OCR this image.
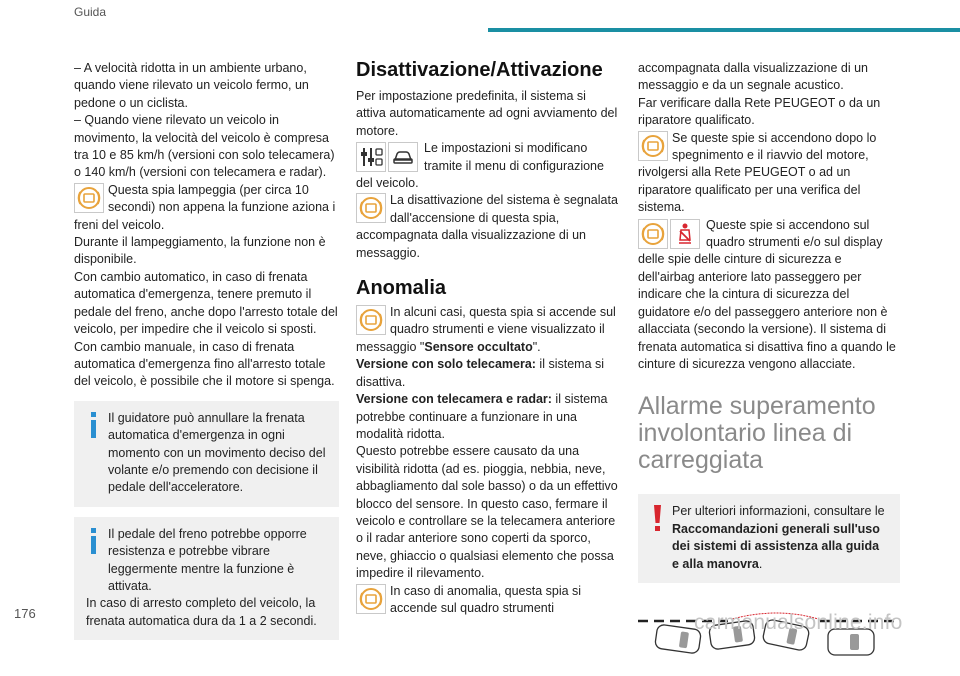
Guida

– A velocità ridotta in un ambiente urbano, quando viene rilevato un veicolo fermo, un pedone o un ciclista.

– Quando viene rilevato un veicolo in movimento, la velocità del veicolo è compresa tra 10 e 85 km/h (versioni con solo telecamera) o 140 km/h (versioni con telecamera e radar).

Questa spia lampeggia (per circa 10 secondi) non appena la funzione aziona i freni del veicolo.

Durante il lampeggiamento, la funzione non è disponibile.

Con cambio automatico, in caso di frenata automatica d'emergenza, tenere premuto il pedale del freno, anche dopo l'arresto totale del veicolo, per impedire che il veicolo si sposti.

Con cambio manuale, in caso di frenata automatica d'emergenza fino all'arresto totale del veicolo, è possibile che il motore si spenga.

Il guidatore può annullare la frenata automatica d'emergenza in ogni momento con un movimento deciso del volante e/o premendo con decisione il pedale dell'acceleratore.

Il pedale del freno potrebbe opporre resistenza e potrebbe vibrare leggermente mentre la funzione è attivata.

In caso di arresto completo del veicolo, la frenata automatica dura da 1 a 2 secondi.

Disattivazione/Attivazione

Per impostazione predefinita, il sistema si attiva automaticamente ad ogni avviamento del motore.

Le impostazioni si modificano tramite il menu di configurazione del veicolo.

La disattivazione del sistema è segnalata dall'accensione di questa spia, accompagnata dalla visualizzazione di un messaggio.

Anomalia

In alcuni casi, questa spia si accende sul quadro strumenti e viene visualizzato il messaggio "Sensore occultato".

Versione con solo telecamera: il sistema si disattiva.

Versione con telecamera e radar: il sistema potrebbe continuare a funzionare in una modalità ridotta.

Questo potrebbe essere causato da una visibilità ridotta (ad es. pioggia, nebbia, neve, abbagliamento dal sole basso) o da un effettivo blocco del sensore. In questo caso, fermare il veicolo e controllare se la telecamera anteriore o il radar anteriore sono coperti da sporco, neve, ghiaccio o qualsiasi elemento che possa impedire il rilevamento.

In caso di anomalia, questa spia si accende sul quadro strumenti

accompagnata dalla visualizzazione di un messaggio e da un segnale acustico.

Far verificare dalla Rete PEUGEOT o da un riparatore qualificato.

Se queste spie si accendono dopo lo spegnimento e il riavvio del motore, rivolgersi alla Rete PEUGEOT o ad un riparatore qualificato per una verifica del sistema.

Queste spie si accendono sul quadro strumenti e/o sul display delle spie delle cinture di sicurezza e dell'airbag anteriore lato passeggero per indicare che la cintura di sicurezza del guidatore e/o del passeggero anteriore non è allacciata (secondo la versione). Il sistema di frenata automatica si disattiva fino a quando le cinture di sicurezza vengono allacciate.

Allarme superamento involontario linea di carreggiata

Per ulteriori informazioni, consultare le Raccomandazioni generali sull'uso dei sistemi di assistenza alla guida e alla manovra.

176	carmanualsonline.info
